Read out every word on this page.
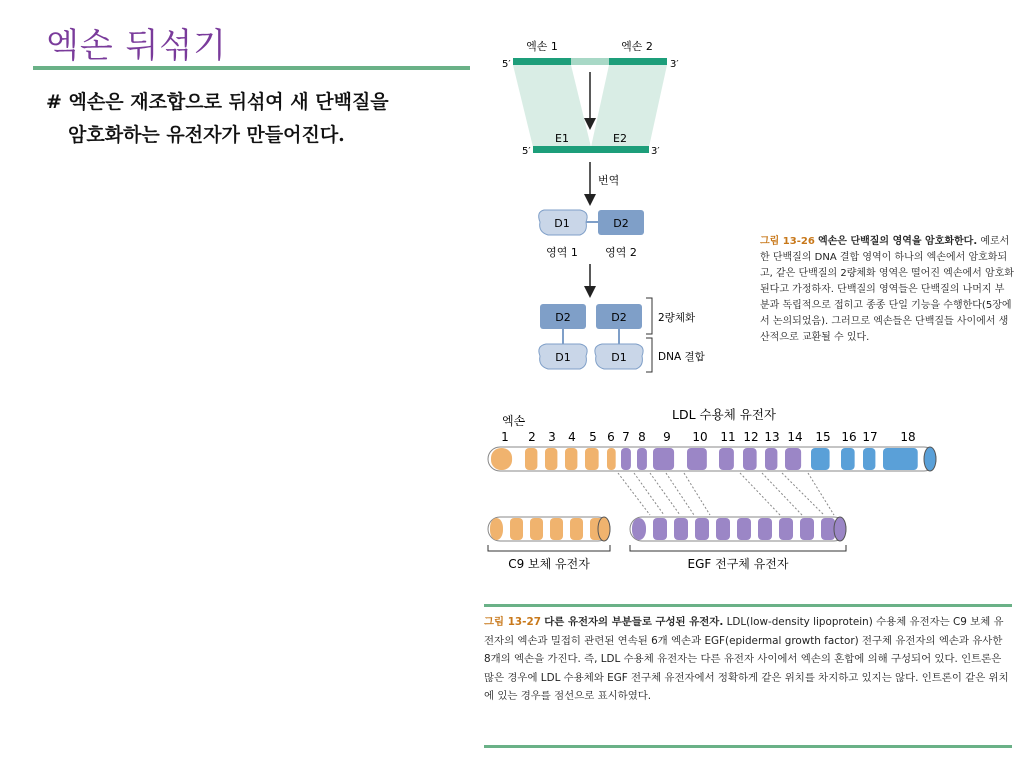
엑손 뒤섞기
# 엑손은 재조합으로 뒤섞여 새 단백질을
암호화하는 유전자가 만들어진다.
엑손 1	엑손 2
5′	3′
E1	E2
5′	3′
번역
D1	D2
영역 1 영역 2
D2	D2
D1	D1
2량체화
DNA 결합
그림 13-26 엑손은 단백질의 영역을 암호화한다. 예로서 한 단백질의 DNA 결합 영역이 하나의 엑손에서 암호화되고, 같은 단백질의 2량체화 영역은 떨어진 엑손에서 암호화된다고 가정하자. 단백질의 영역들은 단백질의 나머지 부분과 독립적으로 접히고 종종 단일 기능을 수행한다(5장에서 논의되었음). 그러므로 엑손들은 단백질들 사이에서 생산적으로 교환될 수 있다.
엑손	LDL 수용체 유전자
1 2 3 4 5 6 7 8 9 10 11 12 13 14 15 16 17 18
C9 보체 유전자	EGF 전구체 유전자
그림 13-27 다른 유전자의 부분들로 구성된 유전자. LDL(low-density lipoprotein) 수용체 유전자는 C9 보체 유전자의 엑손과 밀접히 관련된 연속된 6개 엑손과 EGF(epidermal growth factor) 전구체 유전자의 엑손과 유사한 8개의 엑손을 가진다. 즉, LDL 수용체 유전자는 다른 유전자 사이에서 엑손의 혼합에 의해 구성되어 있다. 인트론은 많은 경우에 LDL 수용체와 EGF 전구체 유전자에서 정확하게 같은 위치를 차지하고 있지는 않다. 인트론이 같은 위치에 있는 경우를 점선으로 표시하였다.
